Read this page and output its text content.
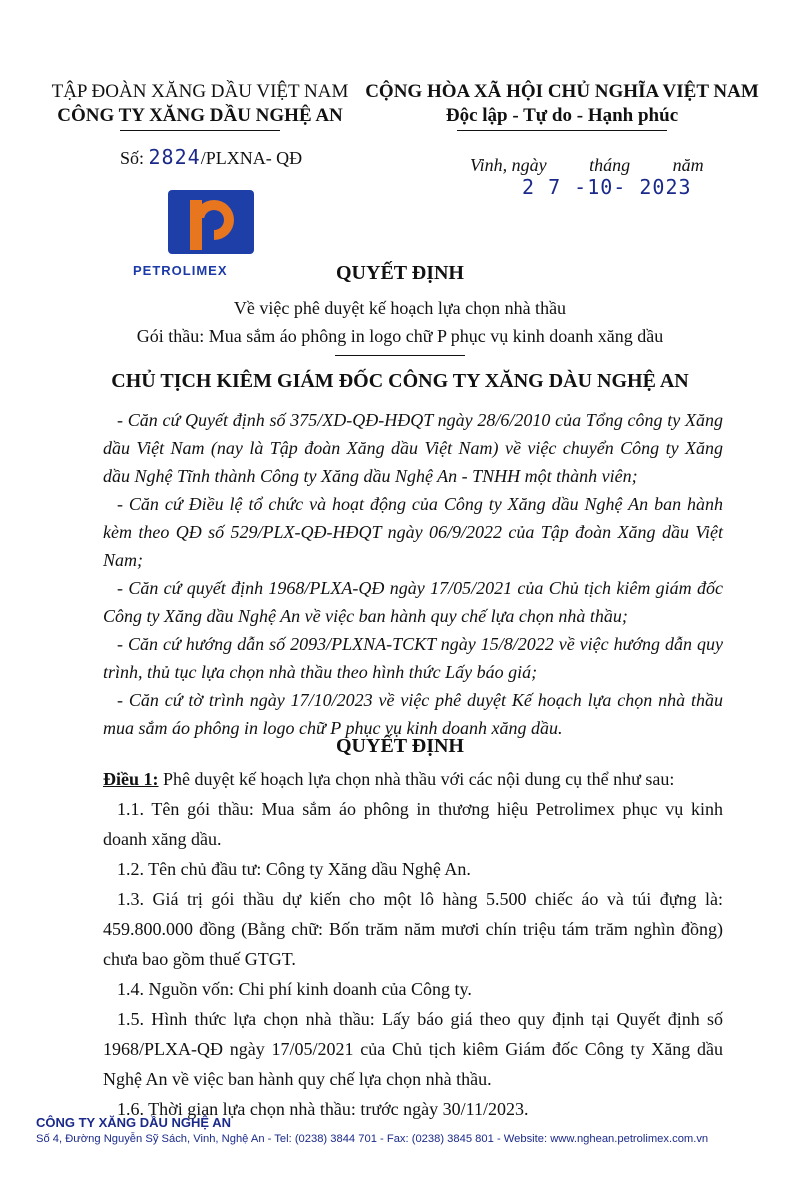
TẬP ĐOÀN XĂNG DẦU VIỆT NAM
CÔNG TY XĂNG DẦU NGHỆ AN
CỘNG HÒA XÃ HỘI CHỦ NGHĨA VIỆT NAM
Độc lập - Tự do - Hạnh phúc
Số: 2824/PLXNA- QĐ	Vinh, ngày tháng năm
2 7 -10- 2023
PETROLIMEX	QUYẾT ĐỊNH
Về việc phê duyệt kế hoạch lựa chọn nhà thầu
Gói thầu: Mua sắm áo phông in logo chữ P phục vụ kinh doanh xăng dầu
CHỦ TỊCH KIÊM GIÁM ĐỐC CÔNG TY XĂNG DÀU NGHỆ AN

- Căn cứ Quyết định số 375/XD-QĐ-HĐQT ngày 28/6/2010 của Tổng công ty Xăng dầu Việt Nam (nay là Tập đoàn Xăng dầu Việt Nam) về việc chuyển Công ty Xăng dầu Nghệ Tĩnh thành Công ty Xăng dầu Nghệ An - TNHH một thành viên;

- Căn cứ Điều lệ tổ chức và hoạt động của Công ty Xăng dầu Nghệ An ban hành kèm theo QĐ số 529/PLX-QĐ-HĐQT ngày 06/9/2022 của Tập đoàn Xăng dầu Việt Nam;

- Căn cứ quyết định 1968/PLXA-QĐ ngày 17/05/2021 của Chủ tịch kiêm giám đốc Công ty Xăng dầu Nghệ An về việc ban hành quy chế lựa chọn nhà thầu;

- Căn cứ hướng dẫn số 2093/PLXNA-TCKT ngày 15/8/2022 về việc hướng dẫn quy trình, thủ tục lựa chọn nhà thầu theo hình thức Lấy báo giá;

- Căn cứ tờ trình ngày 17/10/2023 về việc phê duyệt Kế hoạch lựa chọn nhà thầu mua sắm áo phông in logo chữ P phục vụ kinh doanh xăng dầu.

QUYẾT ĐỊNH

Điều 1: Phê duyệt kế hoạch lựa chọn nhà thầu với các nội dung cụ thể như sau:

1.1. Tên gói thầu: Mua sắm áo phông in thương hiệu Petrolimex phục vụ kinh doanh xăng dầu.

1.2. Tên chủ đầu tư: Công ty Xăng dầu Nghệ An.

1.3. Giá trị gói thầu dự kiến cho một lô hàng 5.500 chiếc áo và túi đựng là: 459.800.000 đồng (Bằng chữ: Bốn trăm năm mươi chín triệu tám trăm nghìn đồng) chưa bao gồm thuế GTGT.

1.4. Nguồn vốn: Chi phí kinh doanh của Công ty.

1.5. Hình thức lựa chọn nhà thầu: Lấy báo giá theo quy định tại Quyết định số 1968/PLXA-QĐ ngày 17/05/2021 của Chủ tịch kiêm Giám đốc Công ty Xăng dầu Nghệ An về việc ban hành quy chế lựa chọn nhà thầu.

1.6. Thời gian lựa chọn nhà thầu: trước ngày 30/11/2023.

CÔNG TY XĂNG DẦU NGHỆ AN
Số 4, Đường Nguyễn Sỹ Sách, Vinh, Nghệ An - Tel: (0238) 3844 701 - Fax: (0238) 3845 801 - Website: www.nghean.petrolimex.com.vn
